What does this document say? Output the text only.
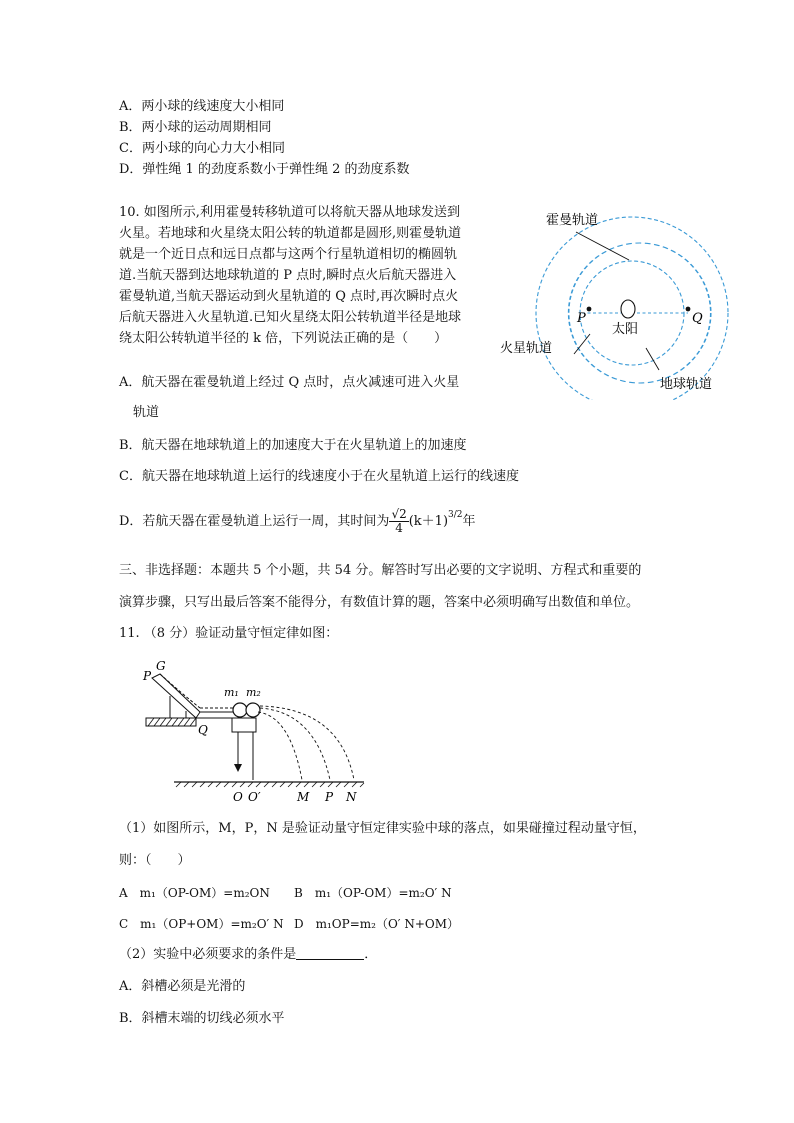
A．两小球的线速度大小相同
B．两小球的运动周期相同
C．两小球的向心力大小相同
D．弹性绳 1 的劲度系数小于弹性绳 2 的劲度系数
10. 如图所示,利用霍曼转移轨道可以将航天器从地球发送到
火星。若地球和火星绕太阳公转的轨道都是圆形,则霍曼轨道
就是一个近日点和远日点都与这两个行星轨道相切的椭圆轨
道.当航天器到达地球轨道的 P 点时,瞬时点火后航天器进入
霍曼轨道,当航天器运动到火星轨道的 Q 点时,再次瞬时点火
后航天器进入火星轨道.已知火星绕太阳公转轨道半径是地球
绕太阳公转轨道半径的 k 倍，下列说法正确的是（　　）
霍曼轨道
火星轨道
地球轨道
太阳
P	Q
A．航天器在霍曼轨道上经过 Q 点时，点火减速可进入火星
轨道
B．航天器在地球轨道上的加速度大于在火星轨道上的加速度
C．航天器在地球轨道上运行的线速度小于在火星轨道上运行的线速度
D．若航天器在霍曼轨道上运行一周，其时间为 $\frac{√2}{4} (k+1)^{3/2}$年
三、非选择题：本题共 5 个小题，共 54 分。解答时写出必要的文字说明、方程式和重要的
演算步骤，只写出最后答案不能得分，有数值计算的题，答案中必须明确写出数值和单位。
11. （8 分）验证动量守恒定律如图：
P
G
Q
m₁ m₂
O O′	M P N
（1）如图所示，M，P，N 是验证动量守恒定律实验中球的落点，如果碰撞过程动量守恒，
则：（　　）
A　m₁（OP-OM）=m₂ON B　m₁（OP-OM）=m₂O′ N
C　m₁（OP+OM）=m₂O′ N D　m₁OP=m₂（O′ N+OM）
（2）实验中必须要求的条件是	．
A．斜槽必须是光滑的
B．斜槽末端的切线必须水平
